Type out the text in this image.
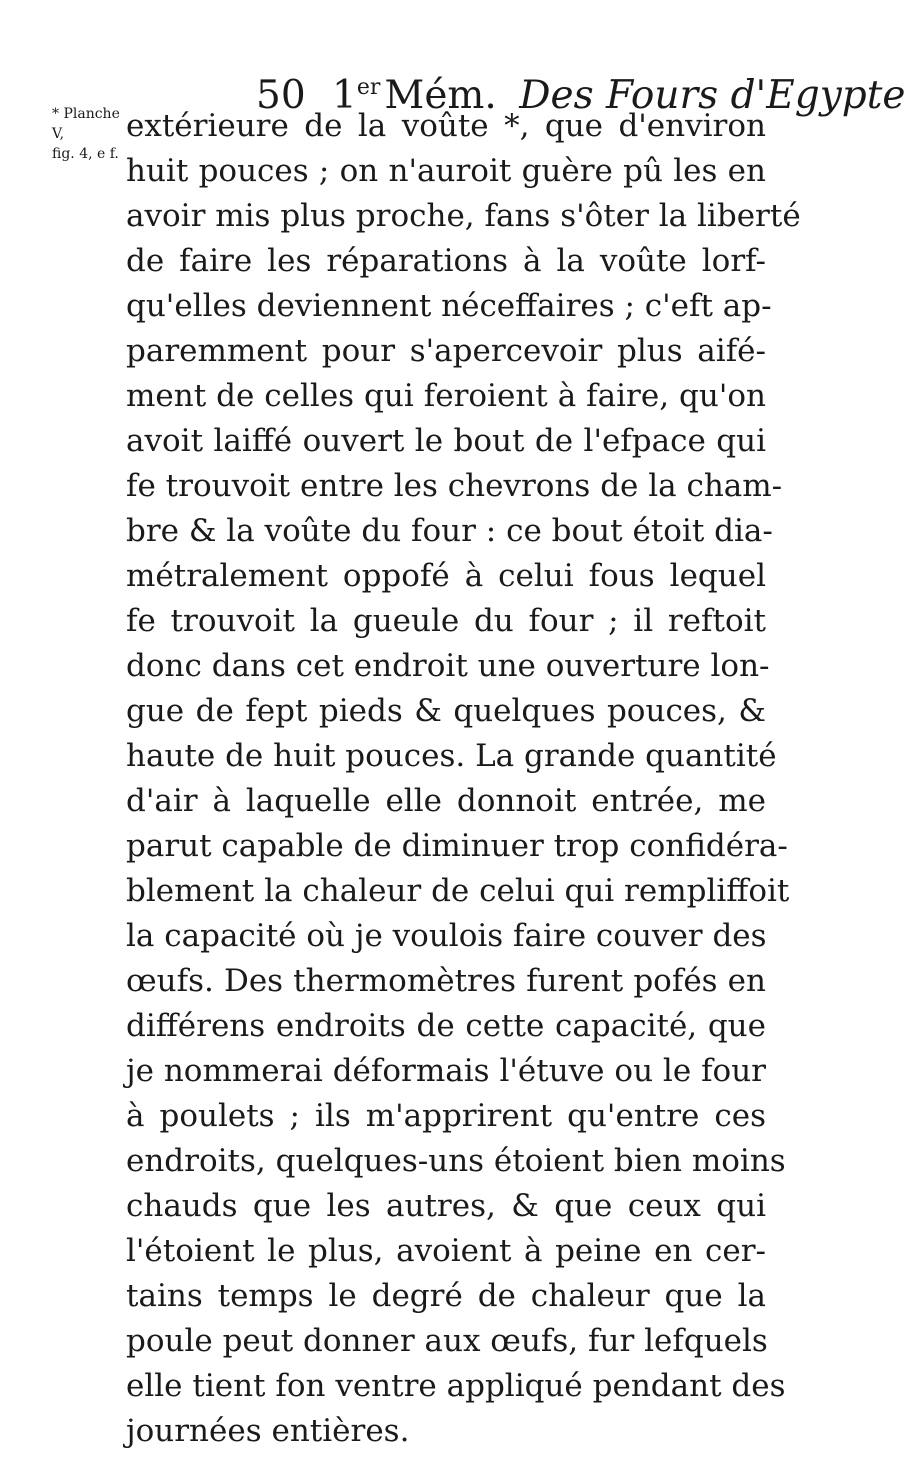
50 1er Mém. Des Fours d'Egypte
* Planche V,
fig. 4, e f.
extérieure de la voûte *, que d'environ
huit pouces ; on n'auroit guère pû les en
avoir mis plus proche, fans s'ôter la liberté
de faire les réparations à la voûte lorf-
qu'elles deviennent néceffaires ; c'eft ap-
paremment pour s'apercevoir plus aifé-
ment de celles qui feroient à faire, qu'on
avoit laiffé ouvert le bout de l'efpace qui
fe trouvoit entre les chevrons de la cham-
bre & la voûte du four : ce bout étoit dia-
métralement oppofé à celui fous lequel
fe trouvoit la gueule du four ; il reftoit
donc dans cet endroit une ouverture lon-
gue de fept pieds & quelques pouces, &
haute de huit pouces. La grande quantité
d'air à laquelle elle donnoit entrée, me
parut capable de diminuer trop confidéra-
blement la chaleur de celui qui rempliffoit
la capacité où je voulois faire couver des
œufs. Des thermomètres furent pofés en
différens endroits de cette capacité, que
je nommerai déformais l'étuve ou le four
à poulets ; ils m'apprirent qu'entre ces
endroits, quelques-uns étoient bien moins
chauds que les autres, & que ceux qui
l'étoient le plus, avoient à peine en cer-
tains temps le degré de chaleur que la
poule peut donner aux œufs, fur lefquels
elle tient fon ventre appliqué pendant des
journées entières.
